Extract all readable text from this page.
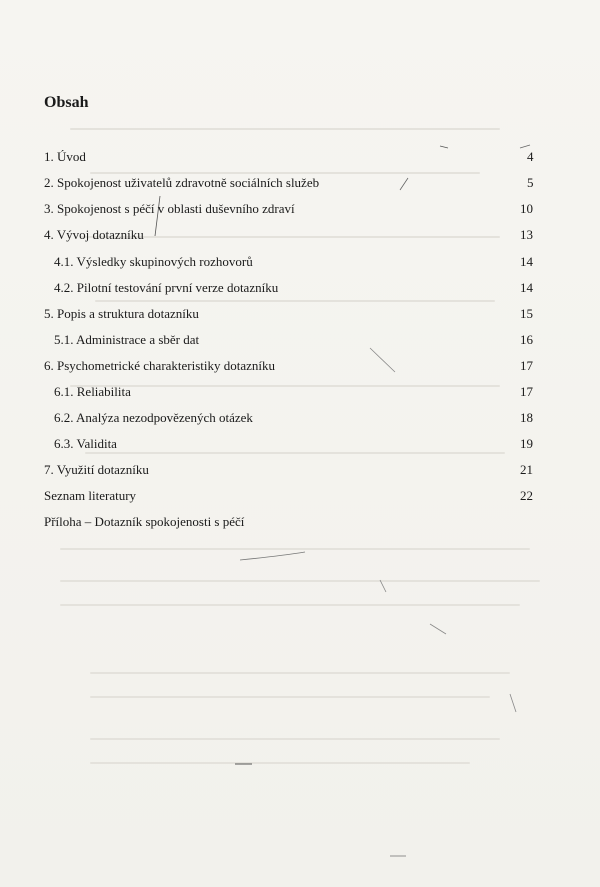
Obsah
1. Úvod	4
2. Spokojenost uživatelů zdravotně sociálních služeb	5
3. Spokojenost s péčí v oblasti duševního zdraví	10
4. Vývoj dotazníku	13
4.1. Výsledky skupinových rozhovorů	14
4.2. Pilotní testování první verze dotazníku	14
5. Popis a struktura dotazníku	15
5.1. Administrace a sběr dat	16
6. Psychometrické charakteristiky dotazníku	17
6.1. Reliabilita	17
6.2. Analýza nezodpovězených otázek	18
6.3. Validita	19
7. Využití dotazníku	21
Seznam literatury	22
Příloha – Dotazník spokojenosti s péčí
